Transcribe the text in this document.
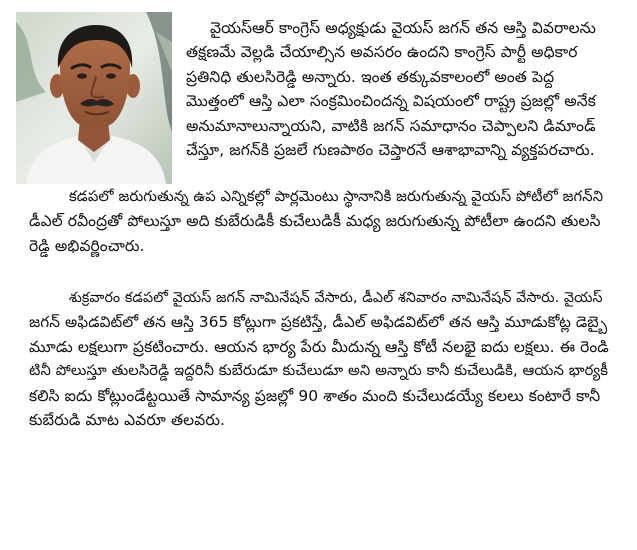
వైయస్ఆర్ కాంగ్రెస్ అధ్యక్షుడు వైయస్ జగన్ తన ఆస్తి వివరాలను

తక్షణమే వెల్లడి చేయాల్సిన అవసరం ఉందని కాంగ్రెస్ పార్టీ అధికార

ప్రతినిధి తులసిరెడ్డి అన్నారు. ఇంత తక్కువకాలంలో అంత పెద్ద

మొత్తంలో ఆస్తి ఎలా సంక్రమించిందన్న విషయంలో రాష్ట్ర ప్రజల్లో అనేక

అనుమానాలున్నాయని, వాటికి జగన్ సమాధానం చెప్పాలని డిమాండ్

చేస్తూ, జగన్‌కి ప్రజలే గుణపాఠం చెప్తారనే ఆశాభావాన్ని వ్యక్తపరచారు.

కడపలో జరుగుతున్న ఉప ఎన్నికల్లో పార్లమెంటు స్థానానికి జరుగుతున్న వైయస్ పోటీలో జగన్‌ని

డీఎల్ రవీంద్రతో పోలుస్తూ అది కుబేరుడికీ కుచేలుడికీ మధ్య జరుగుతున్న పోటీలా ఉందని తులసి

రెడ్డి అభివర్ణించారు.

శుక్రవారం కడపలో వైయస్ జగన్ నామినేషన్ వేసారు, డీఎల్ శనివారం నామినేషన్ వేసారు. వైయస్

జగన్ అఫిడవిట్‌లో తన ఆస్తి 365 కోట్లుగా ప్రకటిస్తే, డీఎల్ అఫిడవిట్‌లో తన ఆస్తి మూడుకోట్ల డెబ్బై

మూడు లక్షలుగా ప్రకటించారు. ఆయన భార్య పేరు మీదున్న ఆస్తి కోటీ నలభై ఐదు లక్షలు. ఈ రెండి

టినీ పోలుస్తూ తులసిరెడ్డి ఇద్దరినీ కుబేరుడూ కుచేలుడూ అని అన్నారు కానీ కుచేలుడికి, ఆయన భార్యకీ

కలిసి ఐదు కోట్లుండేట్టయితే సామాన్య ప్రజల్లో 90 శాతం మంది కుచేలుడయ్యే కలలు కంటారే కానీ

కుబేరుడి మాట ఎవరూ తలవరు.
